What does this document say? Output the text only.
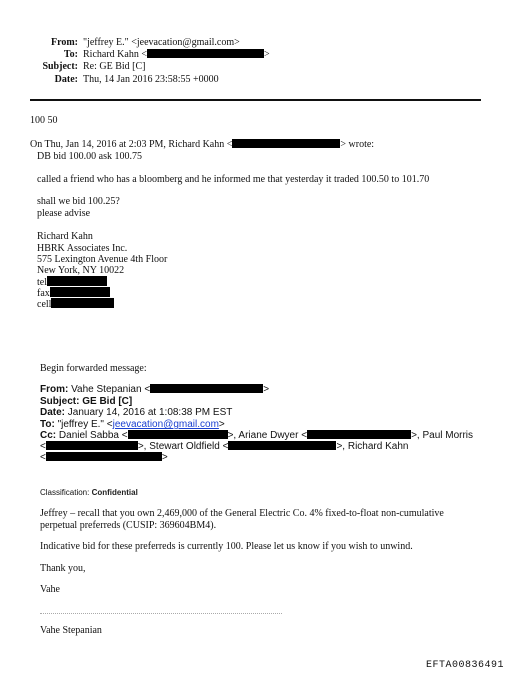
From: "jeffrey E." <jeevacation@gmail.com>
To: Richard Kahn <	>
Subject: Re: GE Bid [C]
Date: Thu, 14 Jan 2016 23:58:55 +0000
100 50
On Thu, Jan 14, 2016 at 2:03 PM, Richard Kahn <	> wrote:
DB bid 100.00 ask 100.75
called a friend who has a bloomberg and he informed me that yesterday it traded 100.50 to 101.70
shall we bid 100.25?
please advise
Richard Kahn
HBRK Associates Inc.
575 Lexington Avenue 4th Floor
New York, NY 10022
tel
fax
cell
Begin forwarded message:
From: Vahe Stepanian <	>
Subject: GE Bid [C]
Date: January 14, 2016 at 1:08:38 PM EST
To: "jeffrey E." <jeevacation@gmail.com>
Cc: Daniel Sabba <	>, Ariane Dwyer <	>, Paul Morris
<	>, Stewart Oldfield <	>, Richard Kahn
<	>
Classification: Confidential
Jeffrey – recall that you own 2,469,000 of the General Electric Co. 4% fixed-to-float non-cumulative
perpetual preferreds (CUSIP: 369604BM4).
Indicative bid for these preferreds is currently 100. Please let us know if you wish to unwind.
Thank you,
Vahe
Vahe Stepanian
EFTA00836491
